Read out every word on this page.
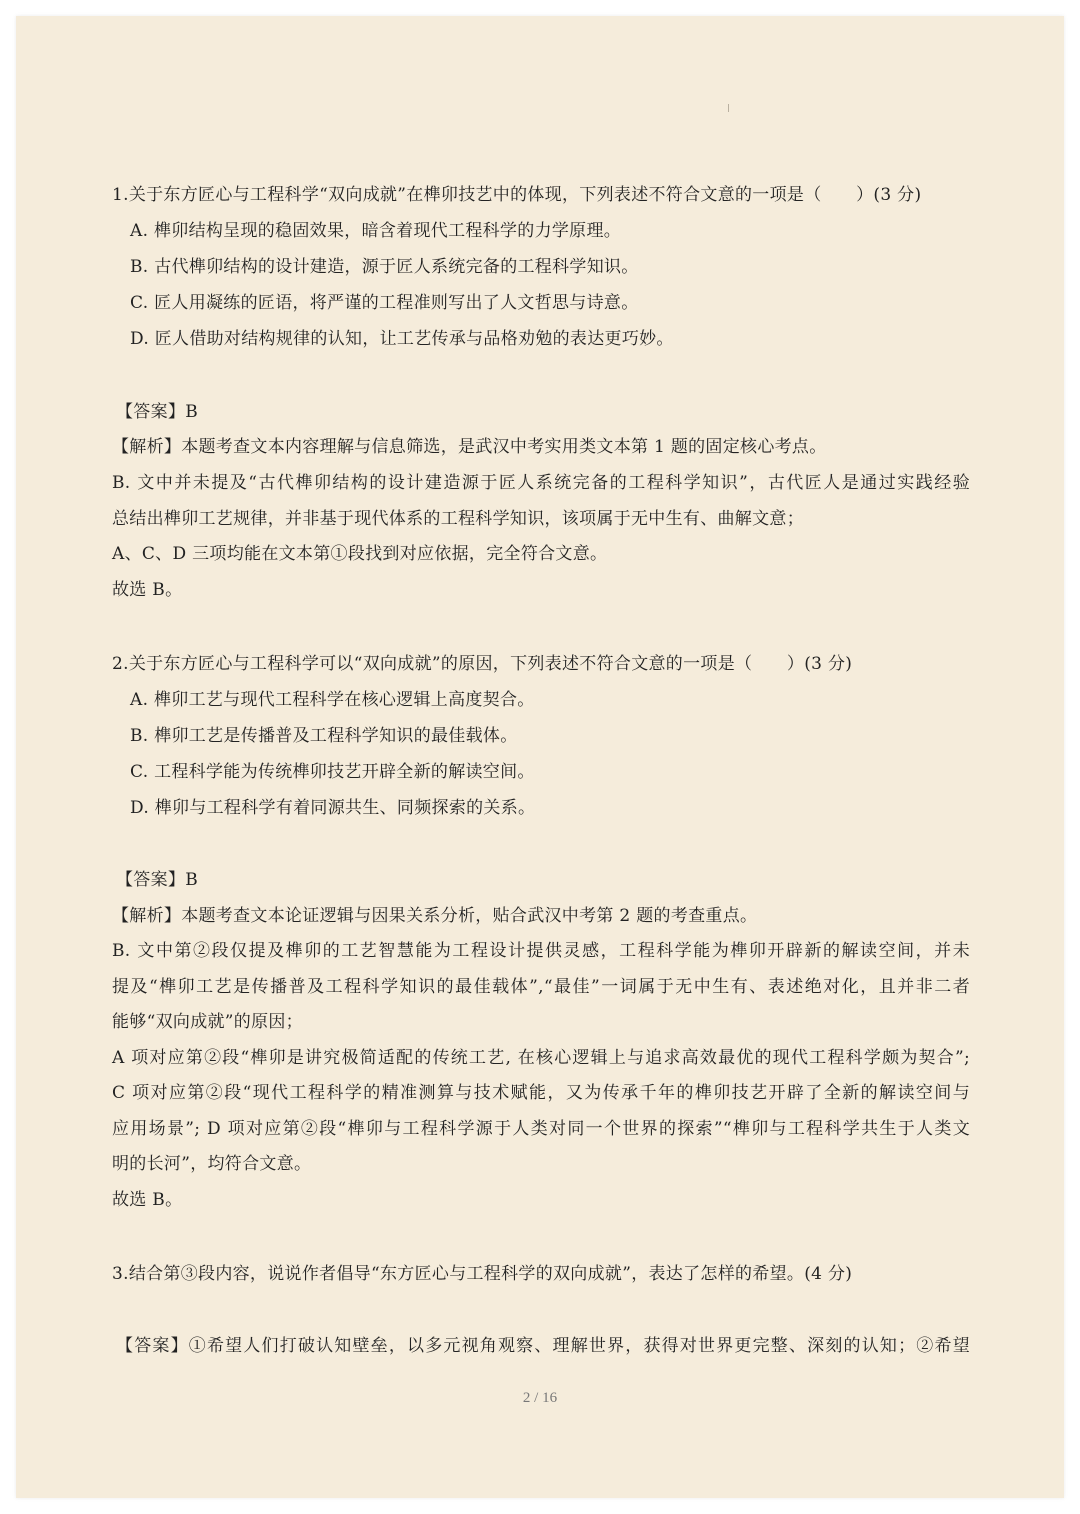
1.关于东方匠心与工程科学“双向成就”在榫卯技艺中的体现，下列表述不符合文意的一项是（　　）(3 分)
A. 榫卯结构呈现的稳固效果，暗含着现代工程科学的力学原理。
B. 古代榫卯结构的设计建造，源于匠人系统完备的工程科学知识。
C. 匠人用凝练的匠语，将严谨的工程准则写出了人文哲思与诗意。
D. 匠人借助对结构规律的认知，让工艺传承与品格劝勉的表达更巧妙。
【答案】B
【解析】本题考查文本内容理解与信息筛选，是武汉中考实用类文本第 1 题的固定核心考点。
B. 文中并未提及“古代榫卯结构的设计建造源于匠人系统完备的工程科学知识”，古代匠人是通过实践经验
总结出榫卯工艺规律，并非基于现代体系的工程科学知识，该项属于无中生有、曲解文意；
A、C、D 三项均能在文本第①段找到对应依据，完全符合文意。
故选 B。
2.关于东方匠心与工程科学可以“双向成就”的原因，下列表述不符合文意的一项是（　　）(3 分)
A. 榫卯工艺与现代工程科学在核心逻辑上高度契合。
B. 榫卯工艺是传播普及工程科学知识的最佳载体。
C. 工程科学能为传统榫卯技艺开辟全新的解读空间。
D. 榫卯与工程科学有着同源共生、同频探索的关系。
【答案】B
【解析】本题考查文本论证逻辑与因果关系分析，贴合武汉中考第 2 题的考查重点。
B. 文中第②段仅提及榫卯的工艺智慧能为工程设计提供灵感，工程科学能为榫卯开辟新的解读空间，并未
提及“榫卯工艺是传播普及工程科学知识的最佳载体”,“最佳”一词属于无中生有、表述绝对化，且并非二者
能够“双向成就”的原因；
A 项对应第②段“榫卯是讲究极简适配的传统工艺, 在核心逻辑上与追求高效最优的现代工程科学颇为契合”;
C 项对应第②段“现代工程科学的精准测算与技术赋能，又为传承千年的榫卯技艺开辟了全新的解读空间与
应用场景”; D 项对应第②段“榫卯与工程科学源于人类对同一个世界的探索”“榫卯与工程科学共生于人类文
明的长河”，均符合文意。
故选 B。
3.结合第③段内容，说说作者倡导“东方匠心与工程科学的双向成就”，表达了怎样的希望。(4 分)
【答案】①希望人们打破认知壁垒，以多元视角观察、理解世界，获得对世界更完整、深刻的认知；②希望
2 / 16
